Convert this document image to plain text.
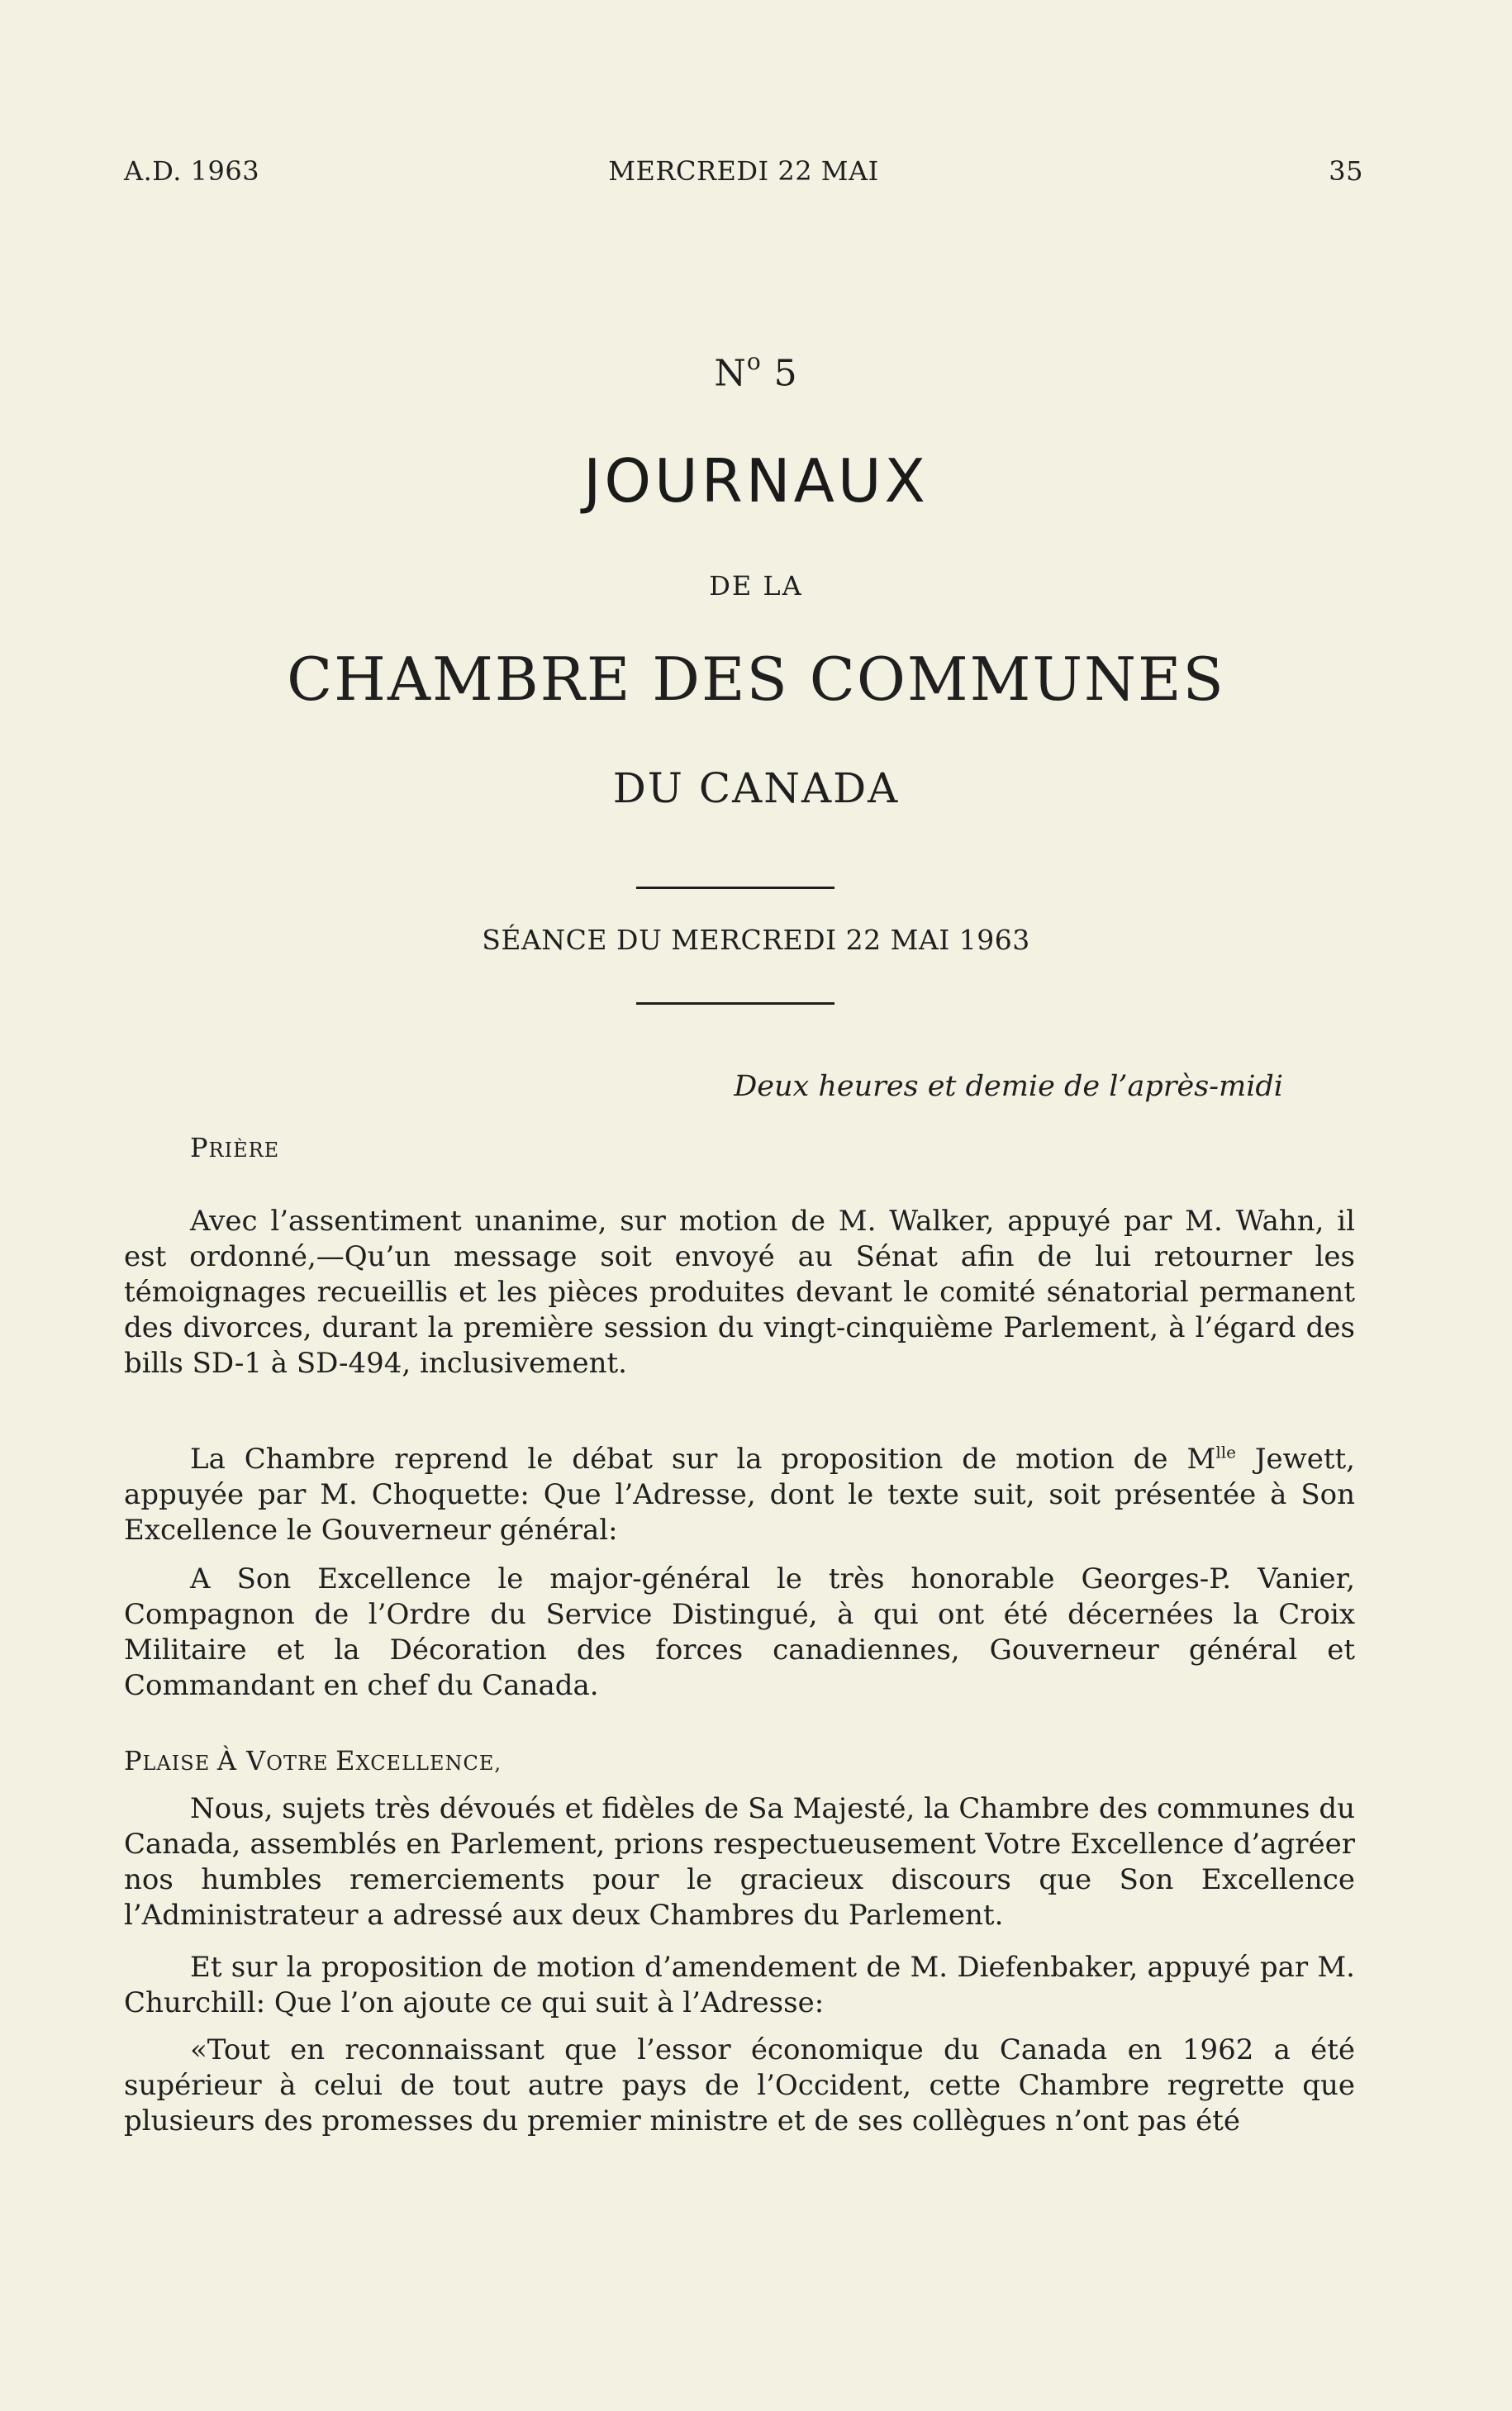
A.D. 1963	MERCREDI 22 MAI	35
$N^o$ 5
JOURNAUX
DE LA
CHAMBRE DES COMMUNES
DU CANADA
SÉANCE DU MERCREDI 22 MAI 1963
Deux heures et demie de l’après-midi
PRIÈRE

Avec l’assentiment unanime, sur motion de M. Walker, appuyé par M. Wahn, il est ordonné,—Qu’un message soit envoyé au Sénat afin de lui retourner les témoignages recueillis et les pièces produites devant le comité sénatorial permanent des divorces, durant la première session du vingt-cinquième Parlement, à l’égard des bills SD-1 à SD-494, inclusivement.

La Chambre reprend le débat sur la proposition de motion de $M^{lle}$ Jewett, appuyée par M. Choquette: Que l’Adresse, dont le texte suit, soit présentée à Son Excellence le Gouverneur général:

A Son Excellence le major-général le très honorable Georges-P. Vanier, Compagnon de l’Ordre du Service Distingué, à qui ont été décernées la Croix Militaire et la Décoration des forces canadiennes, Gouverneur général et Commandant en chef du Canada.

PLAISE À VOTRE EXCELLENCE,

Nous, sujets très dévoués et fidèles de Sa Majesté, la Chambre des communes du Canada, assemblés en Parlement, prions respectueusement Votre Excellence d’agréer nos humbles remerciements pour le gracieux discours que Son Excellence l’Administrateur a adressé aux deux Chambres du Parlement.

Et sur la proposition de motion d’amendement de M. Diefenbaker, appuyé par M. Churchill: Que l’on ajoute ce qui suit à l’Adresse:

«Tout en reconnaissant que l’essor économique du Canada en 1962 a été supérieur à celui de tout autre pays de l’Occident, cette Chambre regrette que plusieurs des promesses du premier ministre et de ses collègues n’ont pas été
